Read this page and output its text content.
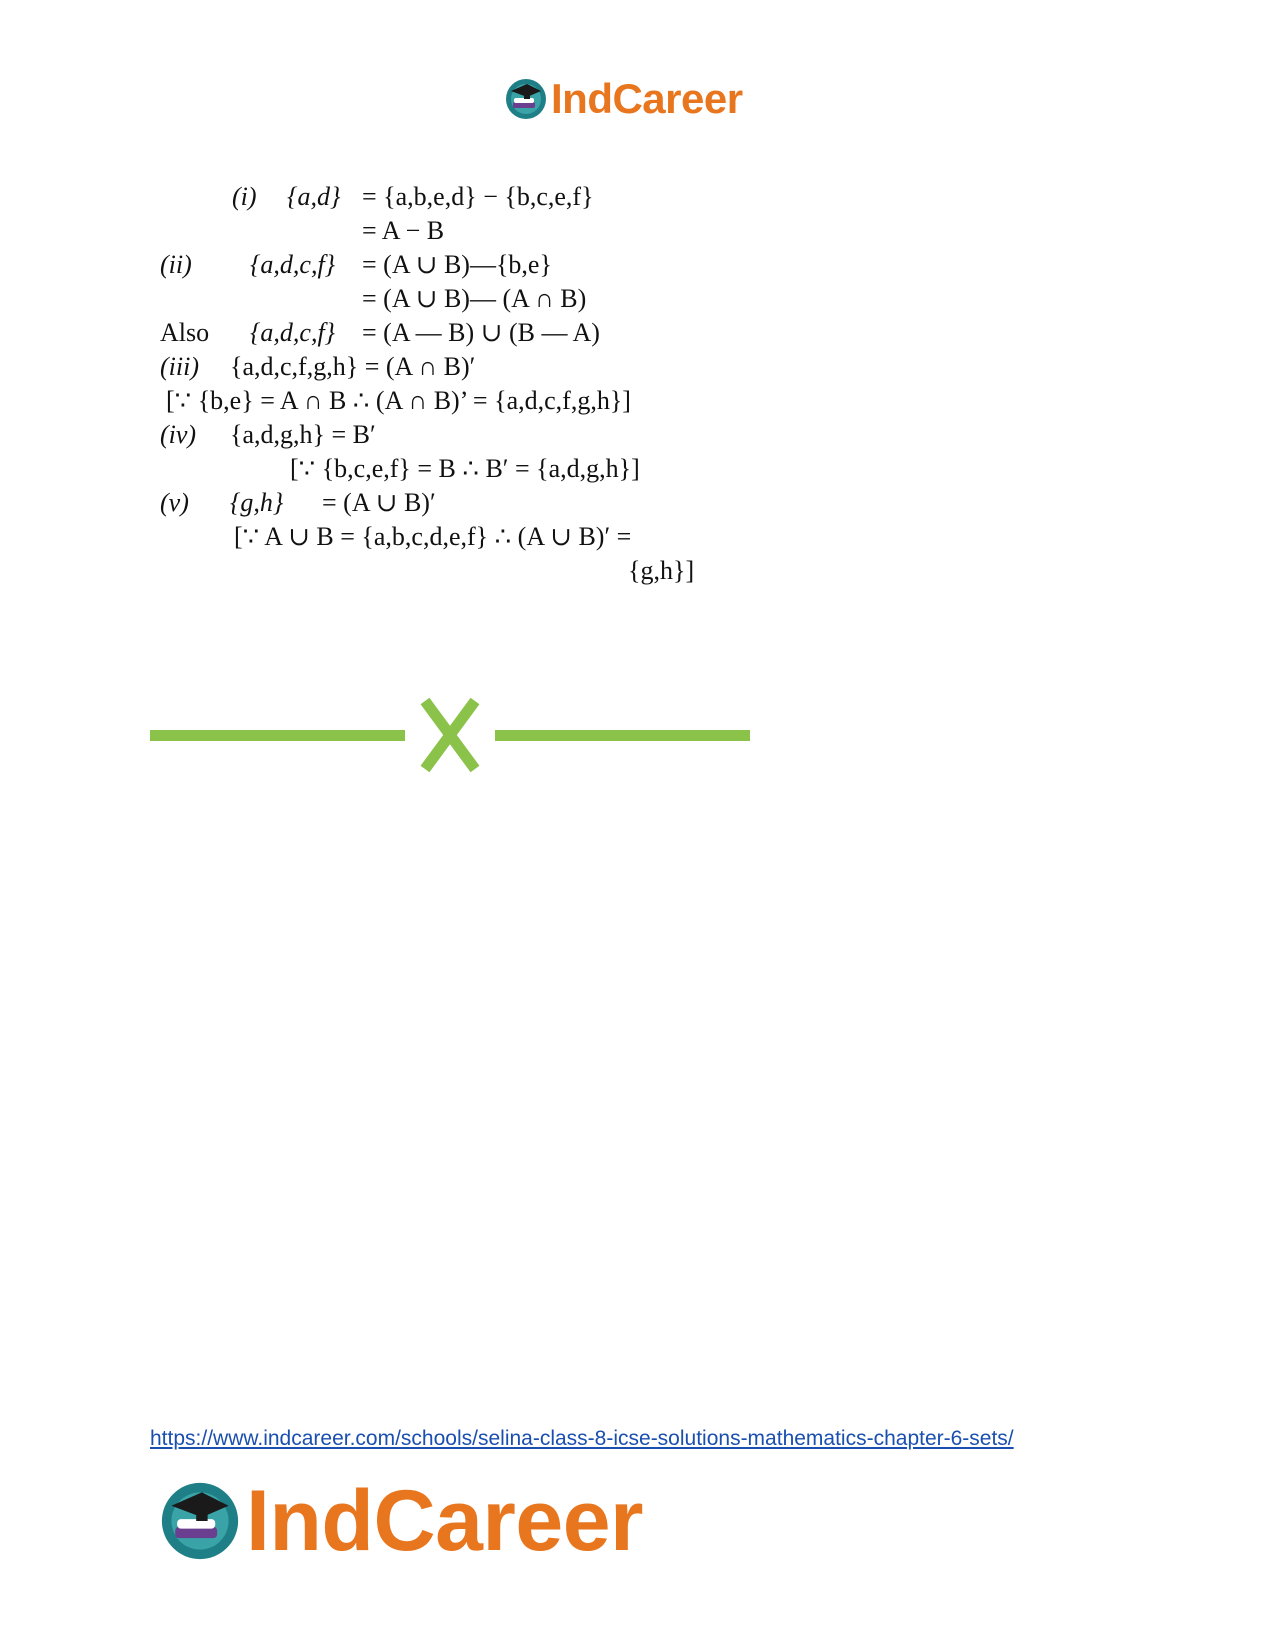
IndCareer
(i) {a,d} = {a,b,e,d} − {b,c,e,f}
= A − B
(ii) {a,d,c,f} = (A ∪ B)—{b,e}
= (A ∪ B)— (A ∩ B)
Also {a,d,c,f} = (A — B) ∪ (B — A)
(iii) {a,d,c,f,g,h} = (A ∩ B)′
[∵ {b,e} = A ∩ B ∴ (A ∩ B)’ = {a,d,c,f,g,h}]
(iv) {a,d,g,h} = B′
[∵ {b,c,e,f} = B ∴ B′ = {a,d,g,h}]
(v) {g,h} = (A ∪ B)′
[∵ A ∪ B = {a,b,c,d,e,f} ∴ (A ∪ B)′ =
{g,h}]
https://www.indcareer.com/schools/selina-class-8-icse-solutions-mathematics-chapter-6-sets/
IndCareer
